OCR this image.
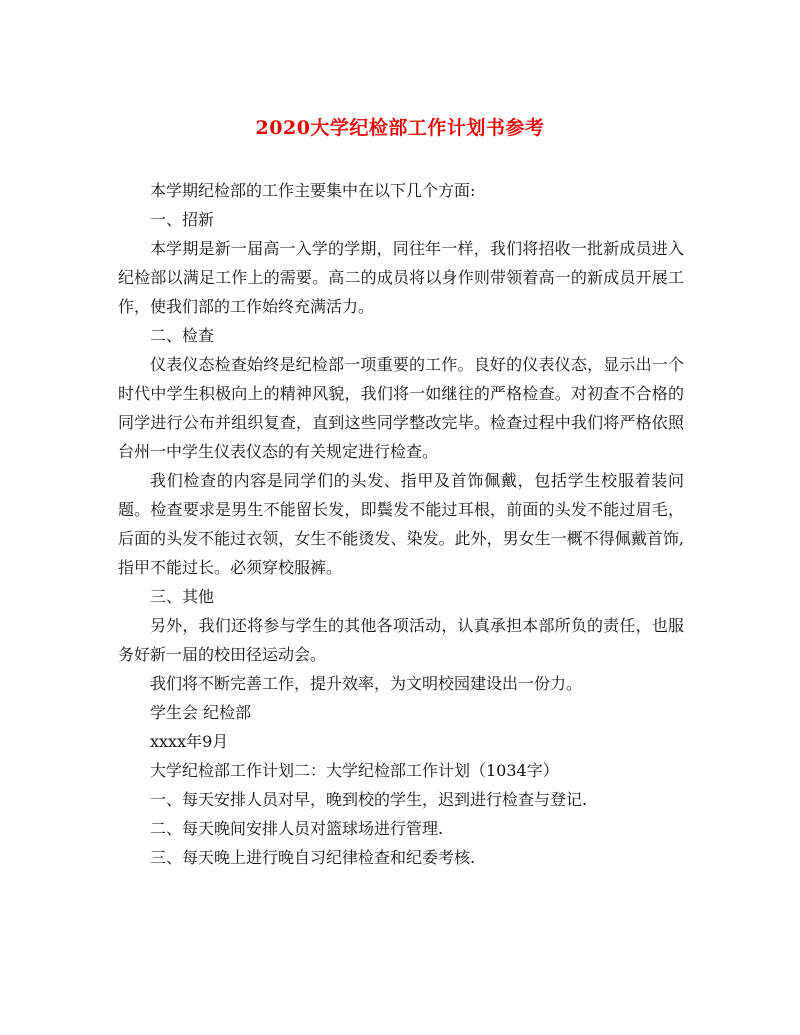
2020大学纪检部工作计划书参考

本学期纪检部的工作主要集中在以下几个方面:

一、招新

本学期是新一届高一入学的学期，同往年一样，我们将招收一批新成员进入纪检部以满足工作上的需要。高二的成员将以身作则带领着高一的新成员开展工作，使我们部的工作始终充满活力。

二、检查

仪表仪态检查始终是纪检部一项重要的工作。良好的仪表仪态，显示出一个时代中学生积极向上的精神风貌，我们将一如继往的严格检查。对初查不合格的同学进行公布并组织复查，直到这些同学整改完毕。检查过程中我们将严格依照台州一中学生仪表仪态的有关规定进行检查。

我们检查的内容是同学们的头发、指甲及首饰佩戴，包括学生校服着装问题。检查要求是男生不能留长发，即鬓发不能过耳根，前面的头发不能过眉毛，后面的头发不能过衣领，女生不能烫发、染发。此外，男女生一概不得佩戴首饰,指甲不能过长。必须穿校服裤。

三、其他

另外，我们还将参与学生的其他各项活动，认真承担本部所负的责任，也服务好新一届的校田径运动会。

我们将不断完善工作，提升效率，为文明校园建设出一份力。

学生会 纪检部

xxxx年9月

大学纪检部工作计划二：大学纪检部工作计划（1034字）

一、每天安排人员对早，晚到校的学生，迟到进行检查与登记.

二、每天晚间安排人员对篮球场进行管理.

三、每天晚上进行晚自习纪律检查和纪委考核.
